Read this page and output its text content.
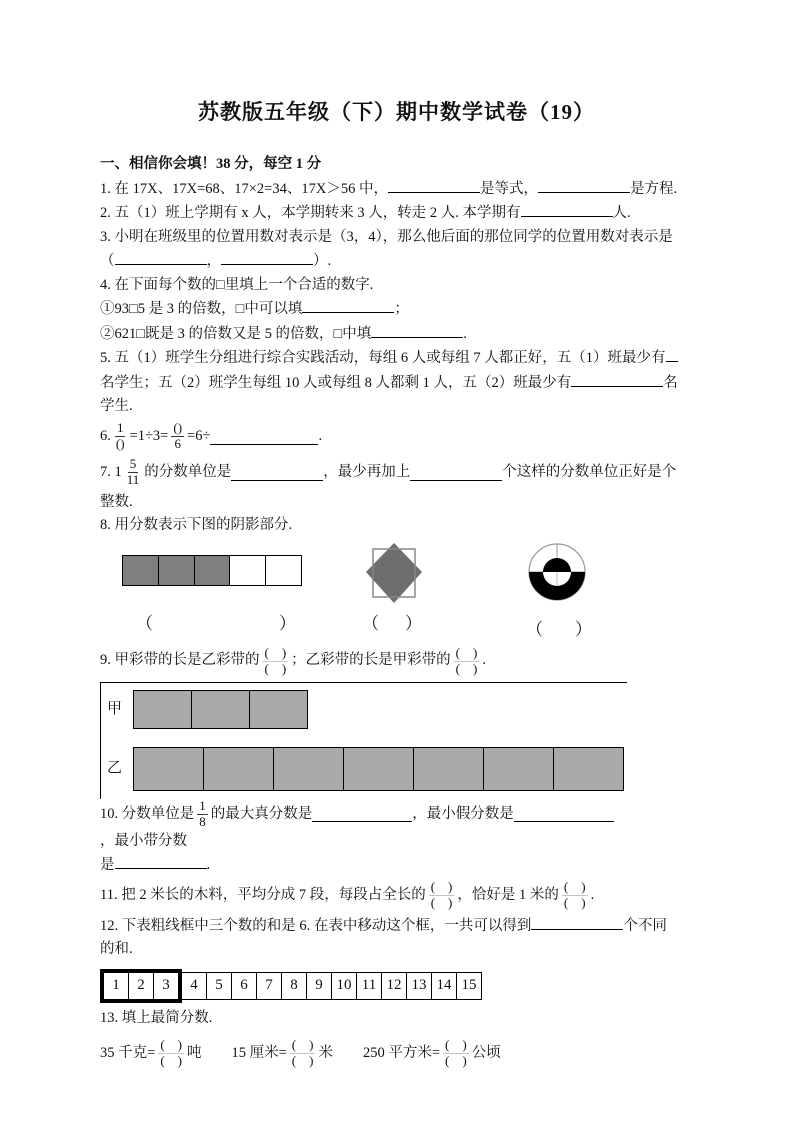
苏教版五年级（下）期中数学试卷（19）

一、相信你会填！38 分，每空 1 分

1. 在 17X、17X=68、17×2=34、17X＞56 中，	是等式，	是方程.

2. 五（1）班上学期有 x 人，本学期转来 3 人，转走 2 人. 本学期有	人.

3. 小明在班级里的位置用数对表示是（3，4），那么他后面的那位同学的位置用数对表示是

（	，	）.

4. 在下面每个数的□里填上一个合适的数字.

①93□5 是 3 的倍数，□中可以填	；

②621□既是 3 的倍数又是 5 的倍数，□中填	.

5. 五（1）班学生分组进行综合实践活动，每组 6 人或每组 7 人都正好，五（1）班最少有

名学生；五（2）班学生每组 10 人或每组 8 人都剩 1 人，五（2）班最少有	名

学生.

6. $\frac{1}{()} =1\div 3= \frac{()}{6} =6\div$	.

7. $1 \frac{5}{11}$ 的分数单位是	，最少再加上	个这样的分数单位正好是个

整数.

8. 用分数表示下图的阴影部分.

（	）	（ ）	（ ）

9. 甲彩带的长是乙彩带的 $\frac{( )}{( )}$ ；乙彩带的长是甲彩带的 $\frac{( )}{( )}$ .

甲
乙

10. 分数单位是 $\frac{1}{8}$ 的最大真分数是	，最小假分数是
，最小带分数

是	.

11. 把 2 米长的木料，平均分成 7 段，每段占全长的 $\frac{( )}{( )}$ ，恰好是 1 米的 $\frac{( )}{( )}$ .

12. 下表粗线框中三个数的和是 6. 在表中移动这个框，一共可以得到	个不同

的和.

1	2	3	4	5	6	7	8	9 10 11 12 13 14 15

13. 填上最简分数.

35 千克= $\frac{( )}{( )}$ 吨 15 厘米= $\frac{( )}{( )}$ 米 250 平方米= $\frac{( )}{( )}$ 公顷
